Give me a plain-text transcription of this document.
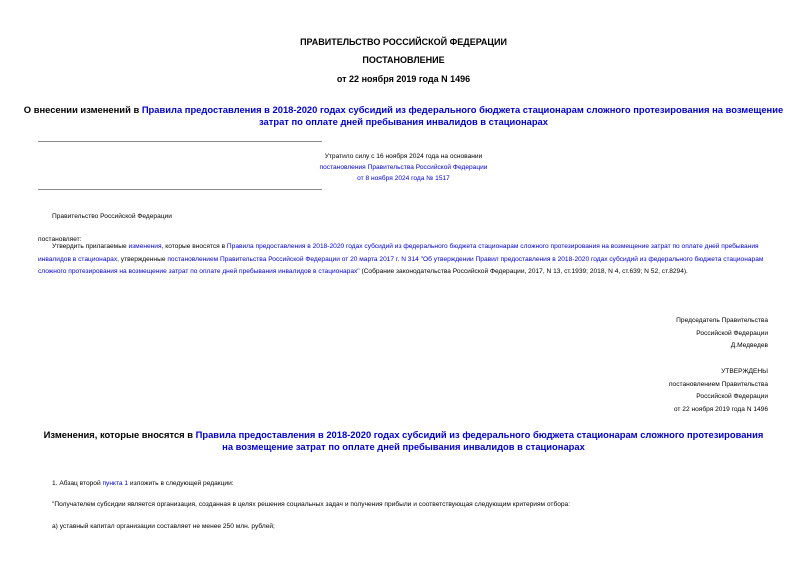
ПРАВИТЕЛЬСТВО РОССИЙСКОЙ ФЕДЕРАЦИИ
ПОСТАНОВЛЕНИЕ
от 22 ноября 2019 года N 1496
О внесении изменений в Правила предоставления в 2018-2020 годах субсидий из федерального бюджета стационарам сложного протезирования на возмещение затрат по оплате дней пребывания инвалидов в стационарах
Утратило силу с 16 ноября 2024 года на основании
постановления Правительства Российской Федерации
от 8 ноября 2024 года № 1517
Правительство Российской Федерации
постановляет:
Утвердить прилагаемые изменения, которые вносятся в Правила предоставления в 2018-2020 годах субсидий из федерального бюджета стационарам сложного протезирования на возмещение затрат по оплате дней пребывания инвалидов в стационарах, утвержденные постановлением Правительства Российской Федерации от 20 марта 2017 г. N 314 "Об утверждении Правил предоставления в 2018-2020 годах субсидий из федерального бюджета стационарам сложного протезирования на возмещение затрат по оплате дней пребывания инвалидов в стационарах" (Собрание законодательства Российской Федерации, 2017, N 13, ст.1939; 2018, N 4, ст.639; N 52, ст.8294).
Председатель Правительства
Российской Федерации
Д.Медведев
УТВЕРЖДЕНЫ
постановлением Правительства
Российской Федерации
от 22 ноября 2019 года N 1496
Изменения, которые вносятся в Правила предоставления в 2018-2020 годах субсидий из федерального бюджета стационарам сложного протезирования на возмещение затрат по оплате дней пребывания инвалидов в стационарах
1. Абзац второй пункта 1 изложить в следующей редакции:
"Получателем субсидии является организация, созданная в целях решения социальных задач и получения прибыли и соответствующая следующим критериям отбора:
а) уставный капитал организации составляет не менее 250 млн. рублей;
